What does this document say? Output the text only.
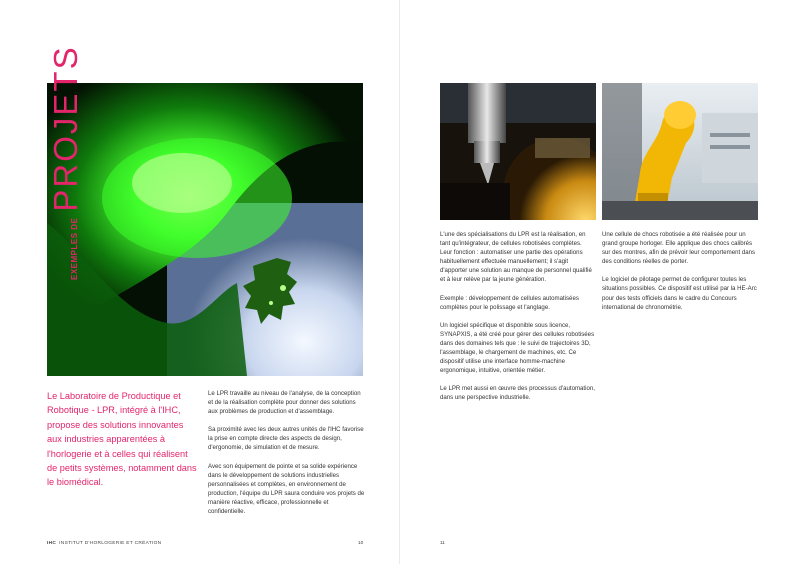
EXEMPLES DE
PROJETS
Le Laboratoire de Productique et Robotique - LPR, intégré à l'IHC, propose des solutions innovantes aux industries apparentées à l'horlogerie et à celles qui réalisent de petits systèmes, notamment dans le biomédical.

Le LPR travaille au niveau de l'analyse, de la conception et de la réalisation complète pour donner des solutions aux problèmes de production et d'assemblage.

Sa proximité avec les deux autres unités de l'IHC favorise la prise en compte directe des aspects de design, d'ergonomie, de simulation et de mesure.

Avec son équipement de pointe et sa solide expérience dans le développement de solutions industrielles personnalisées et complètes, en environnement de production, l'équipe du LPR saura conduire vos projets de manière réactive, efficace, professionnelle et confidentielle.

IHC INSTITUT D'HORLOGERIE ET CRÉATION	10

L'une des spécialisations du LPR est la réalisation, en tant qu'intégrateur, de cellules robotisées complètes. Leur fonction : automatiser une partie des opérations habituellement effectuée manuellement; il s'agit d'apporter une solution au manque de personnel qualifié et à leur relève par la jeune génération.

Exemple : développement de cellules automatisées complètes pour le polissage et l'anglage.

Un logiciel spécifique et disponible sous licence, SYNAPXIS, a été créé pour gérer des cellules robotisées dans des domaines tels que : le suivi de trajectoires 3D, l'assemblage, le chargement de machines, etc. Ce dispositif utilise une interface homme-machine ergonomique, intuitive, orientée métier.

Le LPR met aussi en œuvre des processus d'automation, dans une perspective industrielle.

Une cellule de chocs robotisée a été réalisée pour un grand groupe horloger. Elle applique des chocs calibrés sur des montres, afin de prévoir leur comportement dans des conditions réelles de porter.

Le logiciel de pilotage permet de configurer toutes les situations possibles. Ce dispositif est utilisé par la HE-Arc pour des tests officiels dans le cadre du Concours international de chronométrie.

11
